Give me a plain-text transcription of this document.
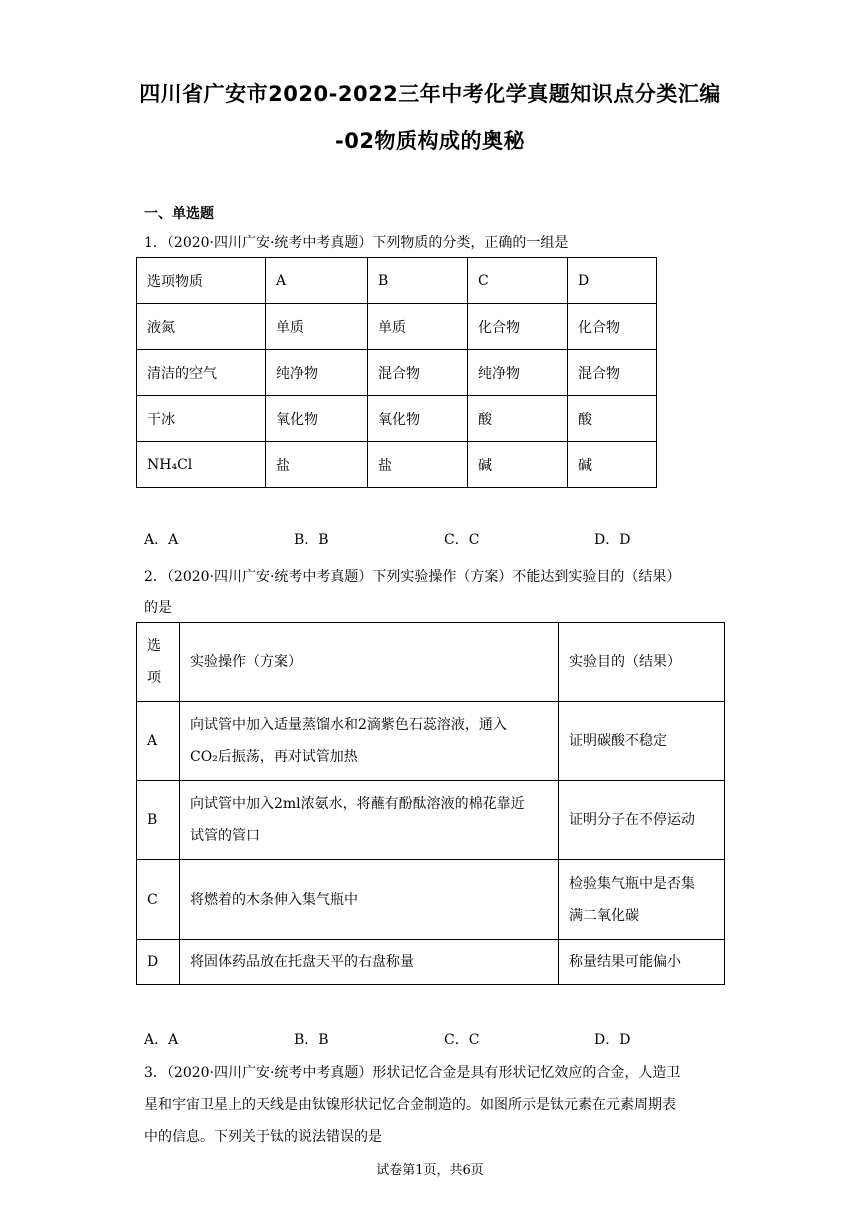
四川省广安市2020-2022三年中考化学真题知识点分类汇编
-02物质构成的奥秘
一、单选题
1．（2020·四川广安·统考中考真题）下列物质的分类，正确的一组是
选项物质	A	B	C	D
液氮	单质	单质	化合物	化合物
清洁的空气	纯净物	混合物	纯净物	混合物
干冰	氧化物	氧化物	酸	酸
NH₄Cl	盐	盐	碱	碱
A．A	B．B	C．C	D．D
2．（2020·四川广安·统考中考真题）下列实验操作（方案）不能达到实验目的（结果）
的是
选
项	实验操作（方案）	实验目的（结果）
A	向试管中加入适量蒸馏水和2滴紫色石蕊溶液，通入
CO₂后振荡，再对试管加热	证明碳酸不稳定
B	向试管中加入2ml浓氨水，将蘸有酚酞溶液的棉花靠近
试管的管口	证明分子在不停运动
C	将燃着的木条伸入集气瓶中	检验集气瓶中是否集
满二氧化碳
D	将固体药品放在托盘天平的右盘称量	称量结果可能偏小
A．A	B．B	C．C	D．D
3．（2020·四川广安·统考中考真题）形状记忆合金是具有形状记忆效应的合金，人造卫
星和宇宙卫星上的天线是由钛镍形状记忆合金制造的。如图所示是钛元素在元素周期表
中的信息。下列关于钛的说法错误的是
试卷第1页，共6页
